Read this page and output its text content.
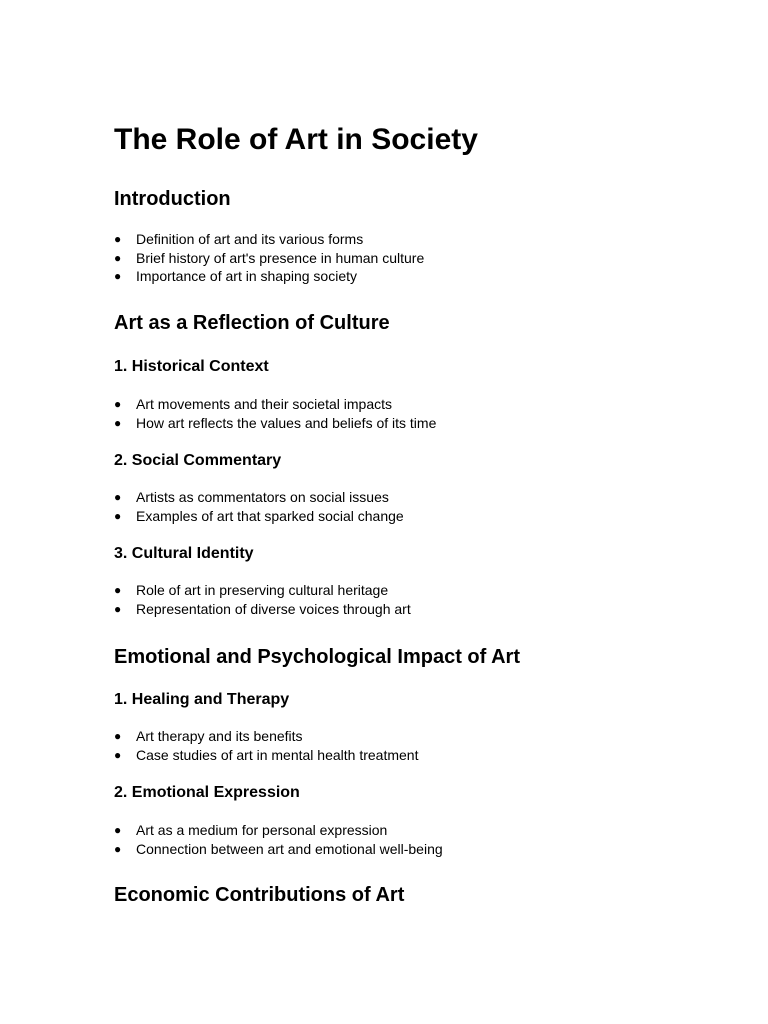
The Role of Art in Society
Introduction
● Definition of art and its various forms
● Brief history of art's presence in human culture
● Importance of art in shaping society
Art as a Reflection of Culture
1. Historical Context
● Art movements and their societal impacts
● How art reflects the values and beliefs of its time
2. Social Commentary
● Artists as commentators on social issues
● Examples of art that sparked social change
3. Cultural Identity
● Role of art in preserving cultural heritage
● Representation of diverse voices through art
Emotional and Psychological Impact of Art
1. Healing and Therapy
● Art therapy and its benefits
● Case studies of art in mental health treatment
2. Emotional Expression
● Art as a medium for personal expression
● Connection between art and emotional well-being
Economic Contributions of Art
